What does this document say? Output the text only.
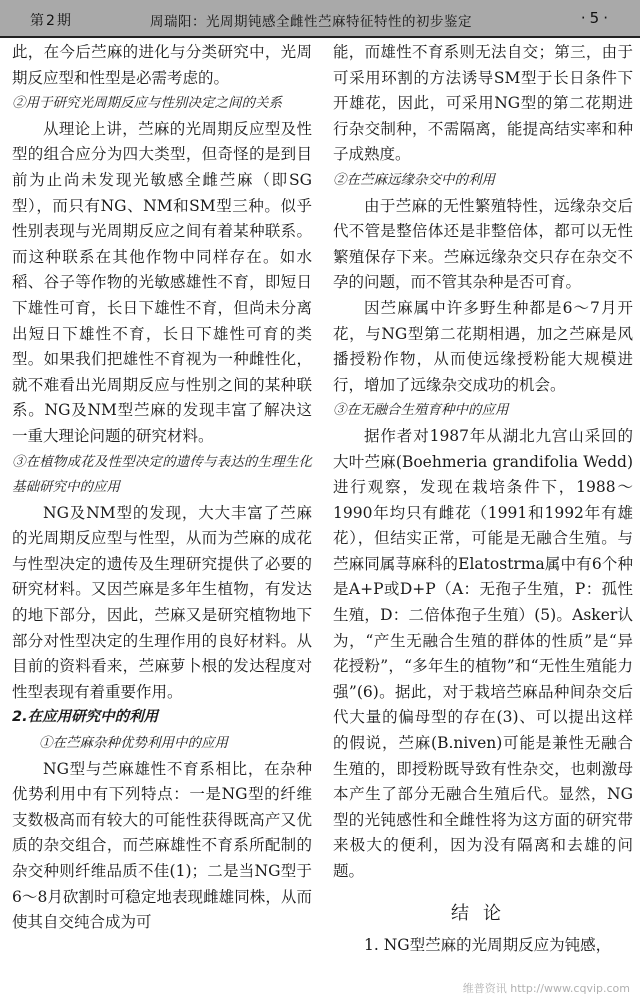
第2期	周瑞阳：光周期钝感全雌性苎麻特征特性的初步鉴定	·5·

此，在今后苎麻的进化与分类研究中，光周期反应型和性型是必需考虑的。

②用于研究光周期反应与性别决定之间的关系

从理论上讲，苎麻的光周期反应型及性型的组合应分为四大类型，但奇怪的是到目前为止尚未发现光敏感全雌苎麻（即SG型），而只有NG、NM和SM型三种。似乎性别表现与光周期反应之间有着某种联系。而这种联系在其他作物中同样存在。如水稻、谷子等作物的光敏感雄性不育，即短日下雄性可育，长日下雄性不育，但尚未分离出短日下雄性不育，长日下雄性可育的类型。如果我们把雄性不育视为一种雌性化，就不难看出光周期反应与性别之间的某种联系。NG及NM型苎麻的发现丰富了解决这一重大理论问题的研究材料。

③在植物成花及性型决定的遗传与表达的生理生化基础研究中的应用

NG及NM型的发现，大大丰富了苎麻的光周期反应型与性型，从而为苎麻的成花与性型决定的遗传及生理研究提供了必要的研究材料。又因苎麻是多年生植物，有发达的地下部分，因此，苎麻又是研究植物地下部分对性型决定的生理作用的良好材料。从目前的资料看来，苎麻萝卜根的发达程度对性型表现有着重要作用。

2.在应用研究中的利用
①在苎麻杂种优势利用中的应用

NG型与苎麻雄性不育系相比，在杂种优势利用中有下列特点：一是NG型的纤维支数极高而有较大的可能性获得既高产又优质的杂交组合，而苎麻雄性不育系所配制的杂交种则纤维品质不佳(1)；二是当NG型于6～8月砍割时可稳定地表现雌雄同株，从而使其自交纯合成为可

能，而雄性不育系则无法自交；第三，由于可采用环割的方法诱导SM型于长日条件下开雄花，因此，可采用NG型的第二花期进行杂交制种，不需隔离，能提高结实率和种子成熟度。

②在苎麻远缘杂交中的利用

由于苎麻的无性繁殖特性，远缘杂交后代不管是整倍体还是非整倍体，都可以无性繁殖保存下来。苎麻远缘杂交只存在杂交不孕的问题，而不管其杂种是否可育。

因苎麻属中许多野生种都是6～7月开花，与NG型第二花期相遇，加之苎麻是风播授粉作物，从而使远缘授粉能大规模进行，增加了远缘杂交成功的机会。

③在无融合生殖育种中的应用

据作者对1987年从湖北九宫山采回的大叶苎麻(Boehmeria grandifolia Wedd)进行观察，发现在栽培条件下，1988～1990年均只有雌花（1991和1992年有雄花），但结实正常，可能是无融合生殖。与苎麻同属荨麻科的Elatostrma属中有6个种是A+P或D+P（A：无孢子生殖，P：孤性生殖，D：二倍体孢子生殖）(5)。Asker认为，“产生无融合生殖的群体的性质”是“异花授粉”，“多年生的植物”和“无性生殖能力强”(6)。据此，对于栽培苎麻品种间杂交后代大量的偏母型的存在(3)、可以提出这样的假说，苎麻(B.niven)可能是兼性无融合生殖的，即授粉既导致有性杂交，也刺激母本产生了部分无融合生殖后代。显然，NG型的光钝感性和全雌性将为这方面的研究带来极大的便利，因为没有隔离和去雄的问题。

结论

1. NG型苎麻的光周期反应为钝感，

维普资讯 http://www.cqvip.com
